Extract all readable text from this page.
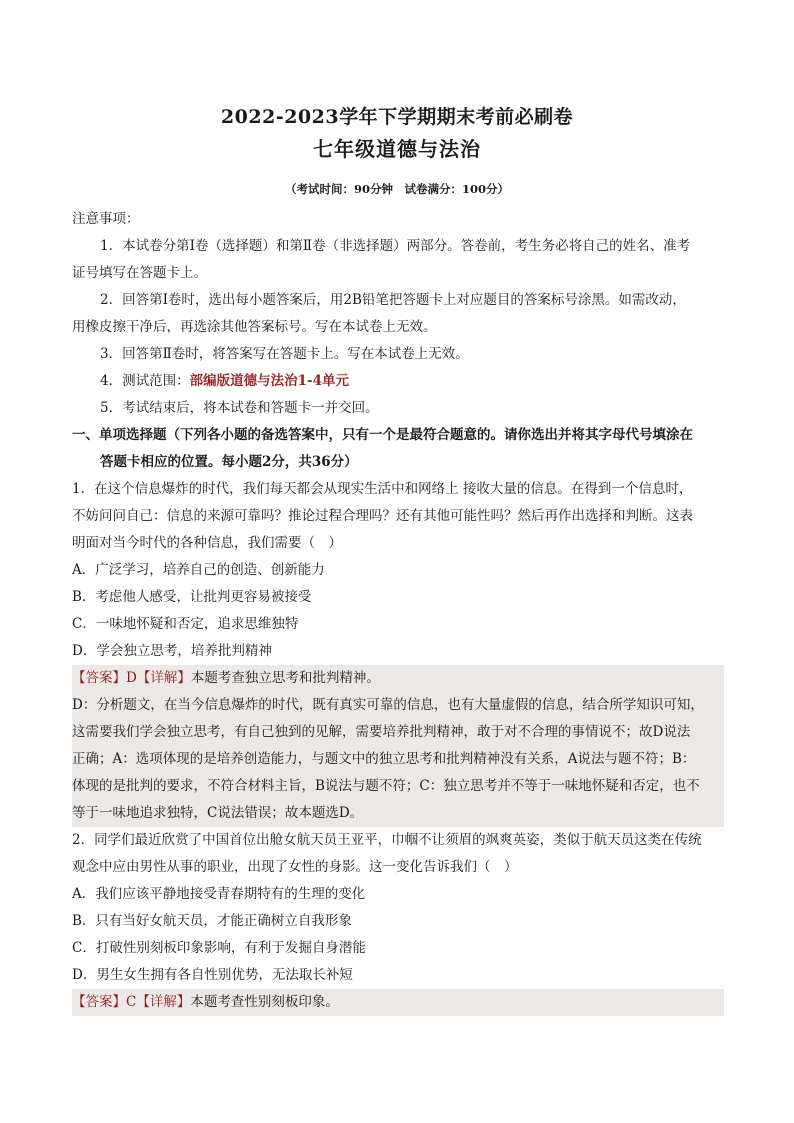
2022-2023学年下学期期末考前必刷卷
七年级道德与法治
（考试时间：90分钟　试卷满分：100分）
注意事项：
1．本试卷分第Ⅰ卷（选择题）和第Ⅱ卷（非选择题）两部分。答卷前，考生务必将自己的姓名、准考
证号填写在答题卡上。
2．回答第Ⅰ卷时，选出每小题答案后，用2B铅笔把答题卡上对应题目的答案标号涂黑。如需改动，
用橡皮擦干净后，再选涂其他答案标号。写在本试卷上无效。
3．回答第Ⅱ卷时，将答案写在答题卡上。写在本试卷上无效。
4．测试范围：部编版道德与法治1-4单元
5．考试结束后，将本试卷和答题卡一并交回。
一、单项选择题（下列各小题的备选答案中，只有一个是最符合题意的。请你选出并将其字母代号填涂在
答题卡相应的位置。每小题2分，共36分）
1．在这个信息爆炸的时代，我们每天都会从现实生活中和网络上 接收大量的信息。在得到一个信息时，
不妨问问自己：信息的来源可靠吗？推论过程合理吗？还有其他可能性吗？然后再作出选择和判断。这表
明面对当今时代的各种信息，我们需要（　）
A．广泛学习，培养自己的创造、创新能力
B．考虑他人感受，让批判更容易被接受
C．一味地怀疑和否定，追求思维独特
D．学会独立思考，培养批判精神
【答案】D【详解】本题考查独立思考和批判精神。
D：分析题文，在当今信息爆炸的时代，既有真实可靠的信息，也有大量虚假的信息，结合所学知识可知，
这需要我们学会独立思考，有自己独到的见解，需要培养批判精神，敢于对不合理的事情说不；故D说法
正确；A：选项体现的是培养创造能力，与题文中的独立思考和批判精神没有关系，A说法与题不符；B：
体现的是批判的要求，不符合材料主旨，B说法与题不符；C：独立思考并不等于一味地怀疑和否定，也不
等于一味地追求独特，C说法错误；故本题选D。
2．同学们最近欣赏了中国首位出舱女航天员王亚平，巾帼不让须眉的飒爽英姿，类似于航天员这类在传统
观念中应由男性从事的职业，出现了女性的身影。这一变化告诉我们（　）
A．我们应该平静地接受青春期特有的生理的变化
B．只有当好女航天员，才能正确树立自我形象
C．打破性别刻板印象影响，有利于发掘自身潜能
D．男生女生拥有各自性别优势，无法取长补短
【答案】C【详解】本题考查性别刻板印象。
